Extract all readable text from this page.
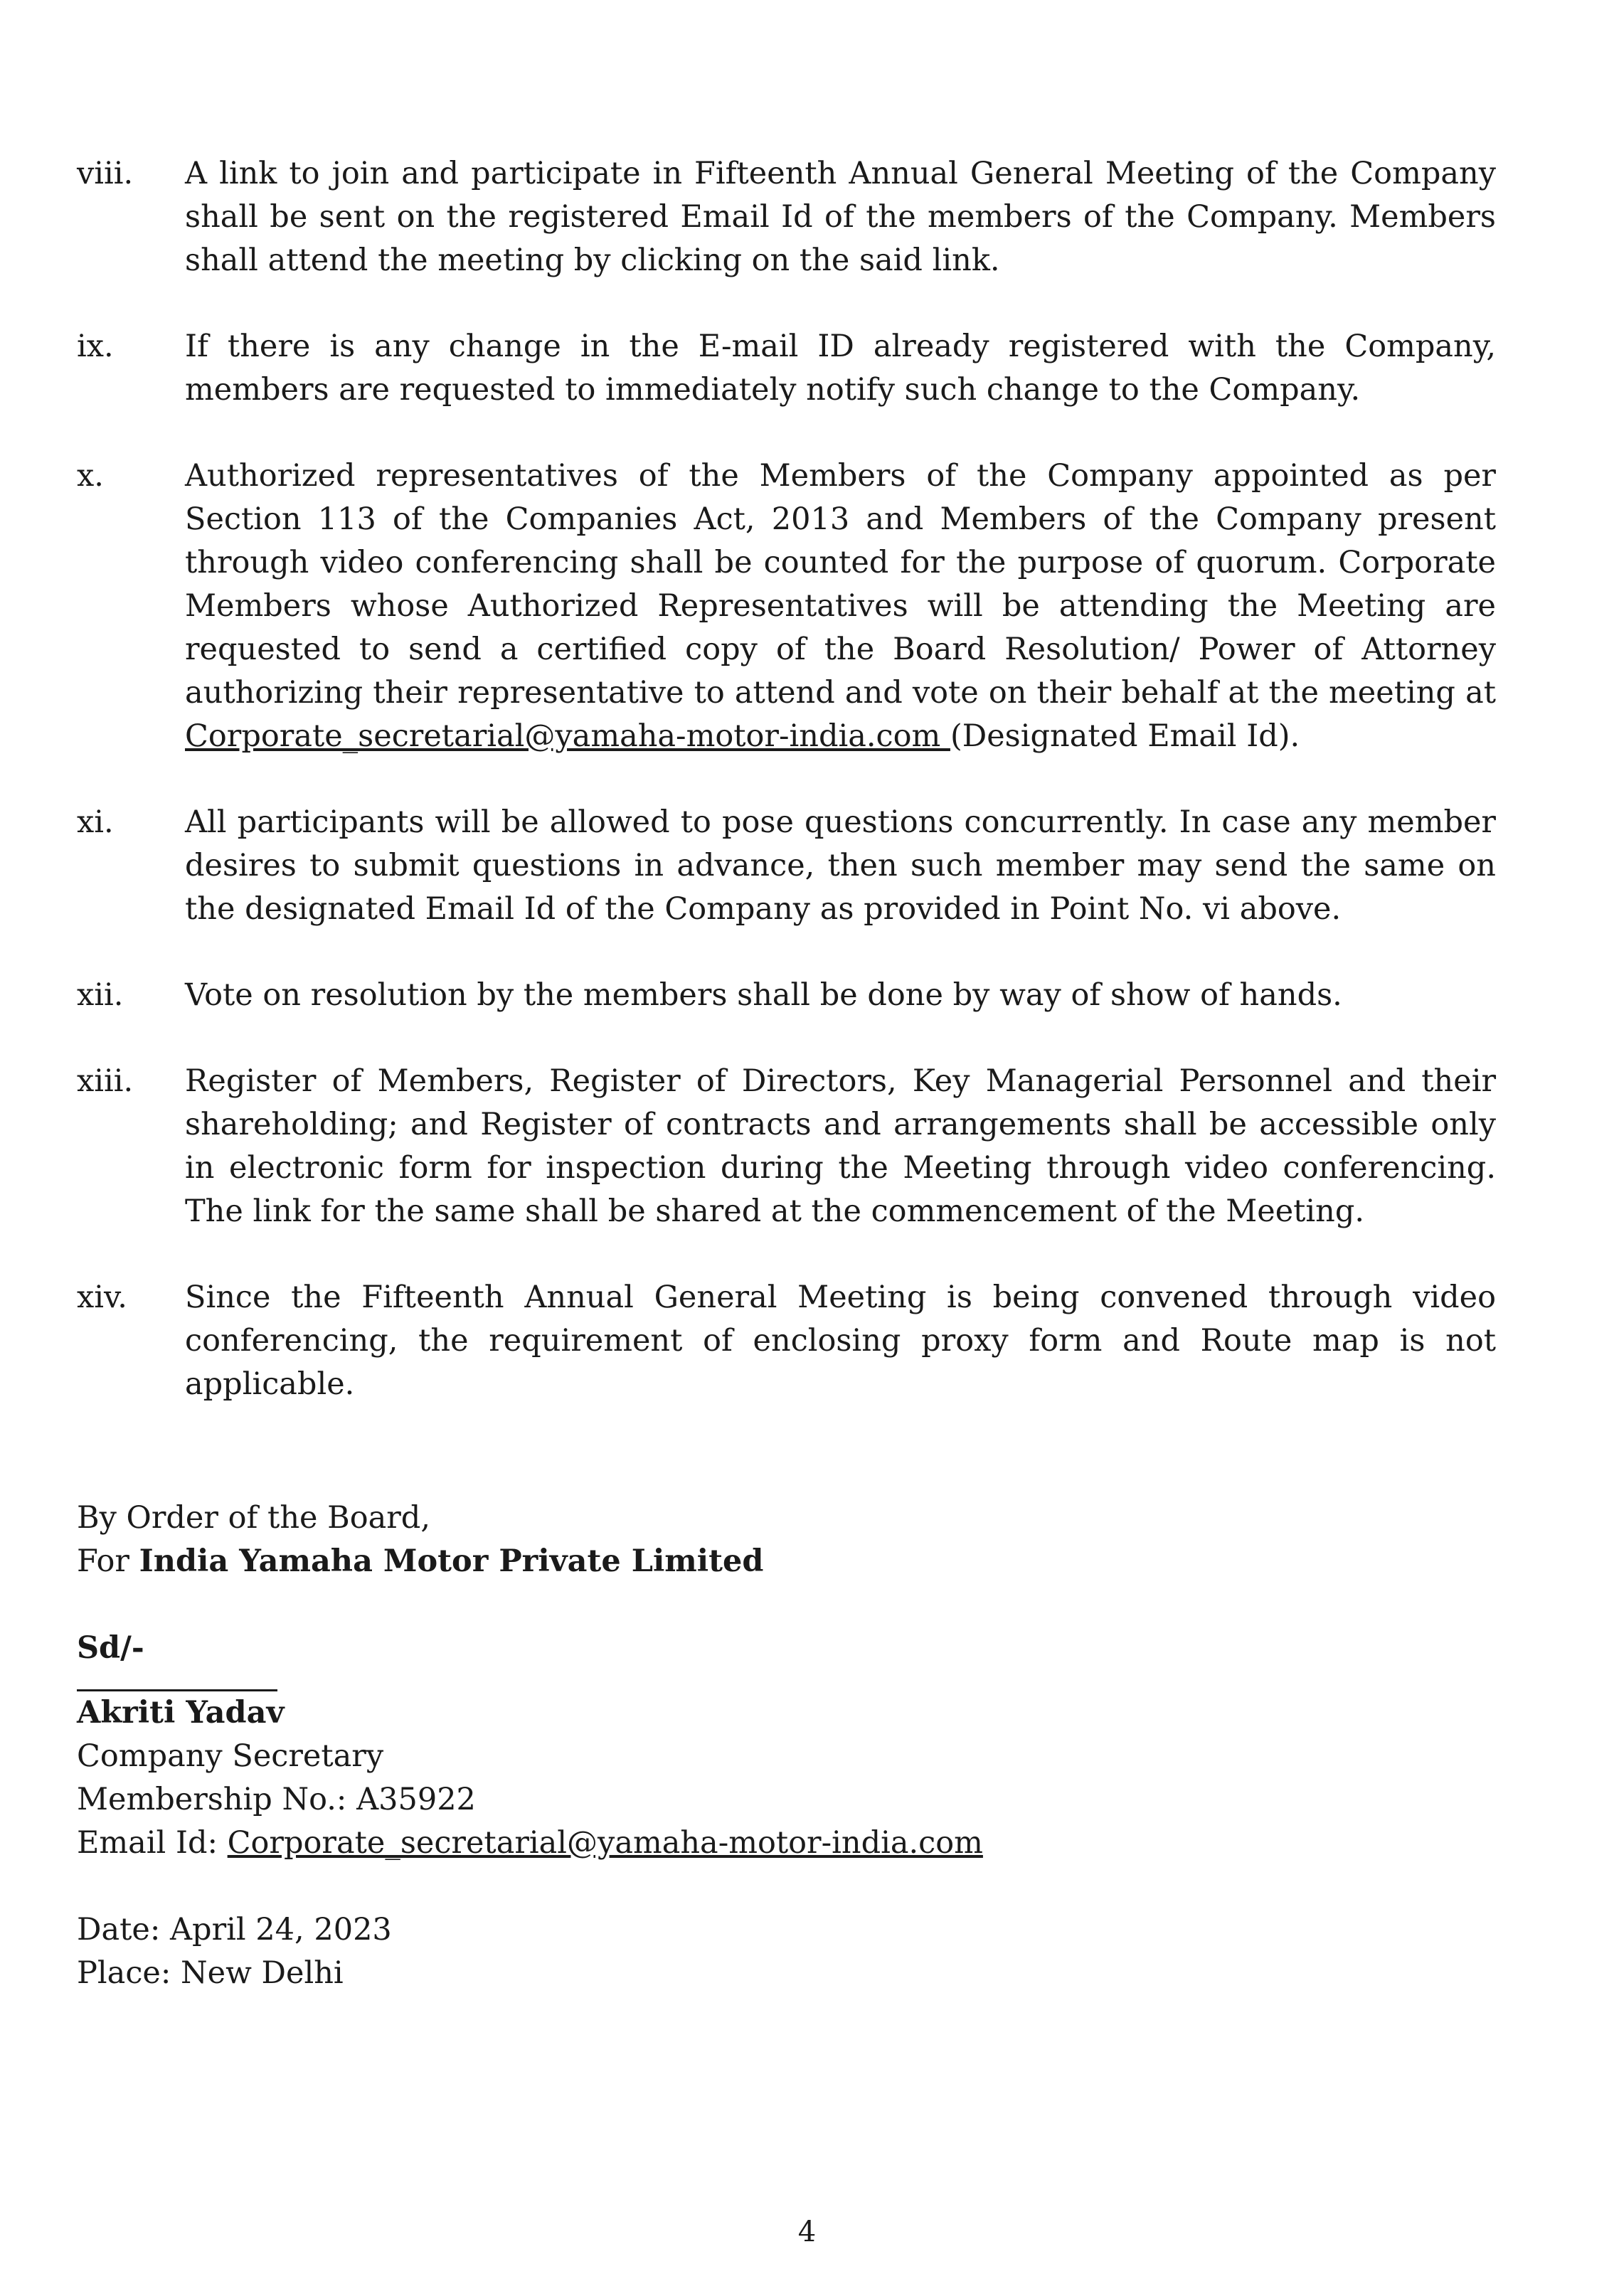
viii.	A link to join and participate in Fifteenth Annual General Meeting of the Company shall be sent on the registered Email Id of the members of the Company. Members shall attend the meeting by clicking on the said link.
ix.	If there is any change in the E-mail ID already registered with the Company, members are requested to immediately notify such change to the Company.
x.	Authorized representatives of the Members of the Company appointed as per Section 113 of the Companies Act, 2013 and Members of the Company present through video conferencing shall be counted for the purpose of quorum. Corporate Members whose Authorized Representatives will be attending the Meeting are requested to send a certified copy of the Board Resolution/ Power of Attorney authorizing their representative to attend and vote on their behalf at the meeting at Corporate_secretarial@yamaha-motor-india.com (Designated Email Id).
xi.	All participants will be allowed to pose questions concurrently. In case any member desires to submit questions in advance, then such member may send the same on the designated Email Id of the Company as provided in Point No. vi above.
xii.	Vote on resolution by the members shall be done by way of show of hands.
xiii.	Register of Members, Register of Directors, Key Managerial Personnel and their shareholding; and Register of contracts and arrangements shall be accessible only in electronic form for inspection during the Meeting through video conferencing. The link for the same shall be shared at the commencement of the Meeting.
xiv.	Since the Fifteenth Annual General Meeting is being convened through video conferencing, the requirement of enclosing proxy form and Route map is not applicable.
By Order of the Board,
For India Yamaha Motor Private Limited
Sd/-
Akriti Yadav
Company Secretary
Membership No.: A35922
Email Id: Corporate_secretarial@yamaha-motor-india.com
Date: April 24, 2023
Place: New Delhi
4
